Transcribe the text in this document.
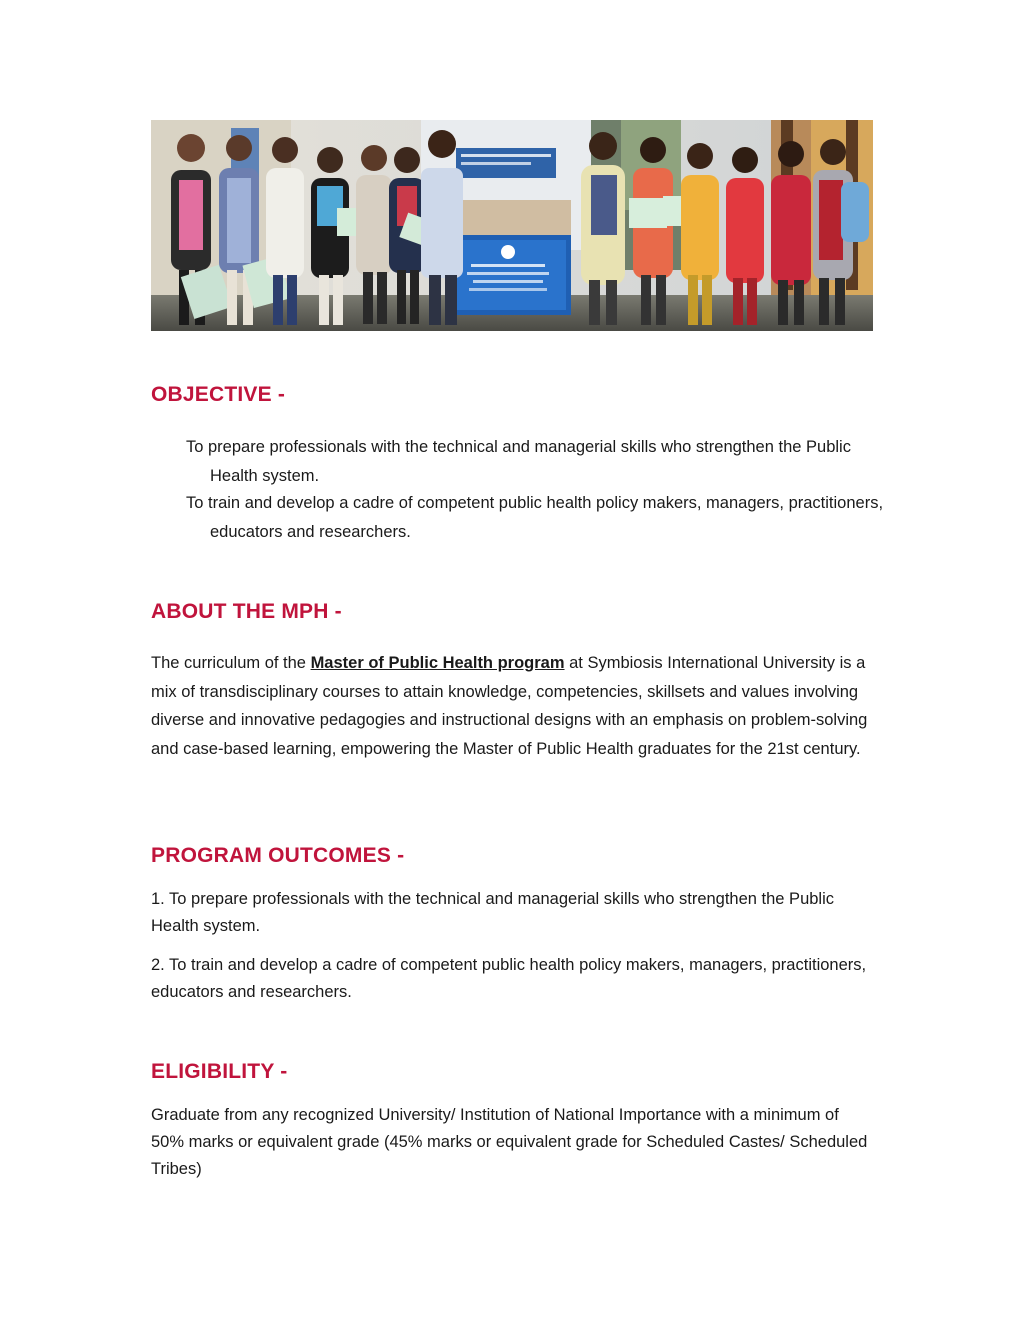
OBJECTIVE -

To prepare professionals with the technical and managerial skills who strengthen the Public Health system.

To train and develop a cadre of competent public health policy makers, managers, practitioners, educators and researchers.

ABOUT THE MPH -

The curriculum of the Master of Public Health program at Symbiosis International University is a mix of transdisciplinary courses to attain knowledge, competencies, skillsets and values involving diverse and innovative pedagogies and instructional designs with an emphasis on problem-solving and case-based learning, empowering the Master of Public Health graduates for the 21st century.

PROGRAM OUTCOMES -

1. To prepare professionals with the technical and managerial skills who strengthen the Public Health system.

2. To train and develop a cadre of competent public health policy makers, managers, practitioners, educators and researchers.

ELIGIBILITY -

Graduate from any recognized University/ Institution of National Importance with a minimum of 50% marks or equivalent grade (45% marks or equivalent grade for Scheduled Castes/ Scheduled Tribes)
